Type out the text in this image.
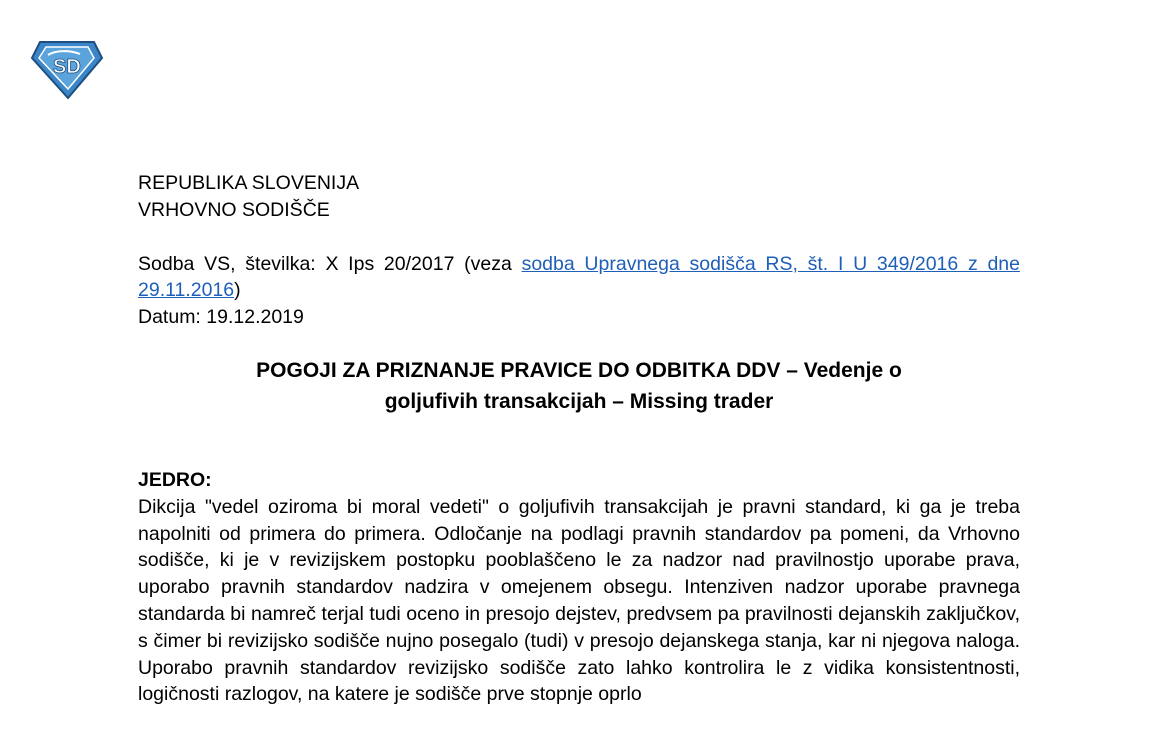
SD
REPUBLIKA SLOVENIJA
VRHOVNO SODIŠČE
Sodba VS, številka: X Ips 20/2017 (veza sodba Upravnega sodišča RS, št. I U 349/2016 z dne 29.11.2016)
Datum: 19.12.2019
POGOJI ZA PRIZNANJE PRAVICE DO ODBITKA DDV – Vedenje o
goljufivih transakcijah – Missing trader
JEDRO:

Dikcija "vedel oziroma bi moral vedeti" o goljufivih transakcijah je pravni standard, ki ga je treba napolniti od primera do primera. Odločanje na podlagi pravnih standardov pa pomeni, da Vrhovno sodišče, ki je v revizijskem postopku pooblaščeno le za nadzor nad pravilnostjo uporabe prava, uporabo pravnih standardov nadzira v omejenem obsegu. Intenziven nadzor uporabe pravnega standarda bi namreč terjal tudi oceno in presojo dejstev, predvsem pa pravilnosti dejanskih zaključkov, s čimer bi revizijsko sodišče nujno posegalo (tudi) v presojo dejanskega stanja, kar ni njegova naloga. Uporabo pravnih standardov revizijsko sodišče zato lahko kontrolira le z vidika konsistentnosti, logičnosti razlogov, na katere je sodišče prve stopnje oprlo
